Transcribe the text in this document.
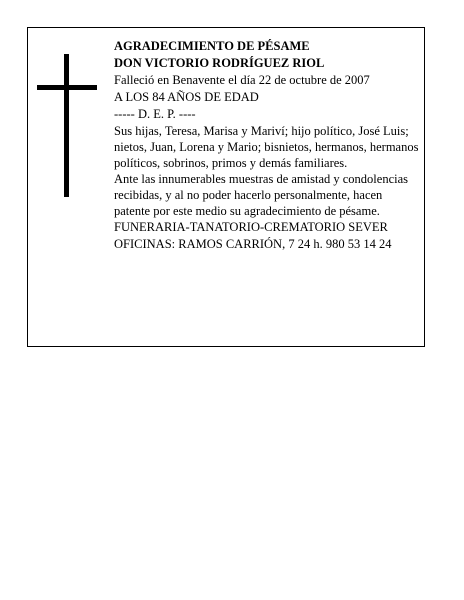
AGRADECIMIENTO DE PÉSAME

DON VICTORIO RODRÍGUEZ RIOL

Falleció en Benavente el día 22 de octubre de 2007

A LOS 84 AÑOS DE EDAD

----- D. E. P. ----

Sus hijas, Teresa, Marisa y Mariví; hijo político, José Luis; nietos, Juan, Lorena y Mario; bisnietos, hermanos, hermanos políticos, sobrinos, primos y demás familiares.

Ante las innumerables muestras de amistad y condolencias recibidas, y al no poder hacerlo personalmente, hacen patente por este medio su agradecimiento de pésame.

FUNERARIA-TANATORIO-CREMATORIO SEVER

OFICINAS: RAMOS CARRIÓN, 7 24 h. 980 53 14 24
